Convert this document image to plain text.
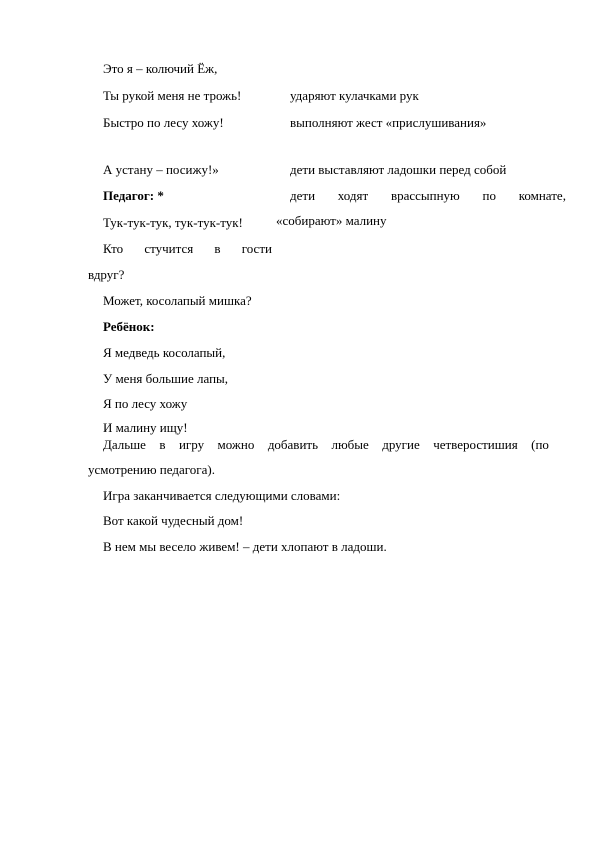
Это я – колючий Ёж,
Ты рукой меня не трожь!
Быстро по лесу хожу!
А устану – посижу!»
Педагог: *
Тук-тук-тук, тук-тук-тук!
Кто стучится в гости
вдруг?
Может, косолапый мишка?
Ребёнок:
Я медведь косолапый,
У меня большие лапы,
Я по лесу хожу
И малину ищу!
ударяют кулачками рук
выполняют жест «прислушивания»
дети выставляют ладошки перед собой
дети ходят врассыпную по комнате,
«собирают» малину
Дальше в игру можно добавить любые другие четверостишия (по
усмотрению педагога).
Игра заканчивается следующими словами:
Вот какой чудесный дом!
В нем мы весело живем! – дети хлопают в ладоши.
